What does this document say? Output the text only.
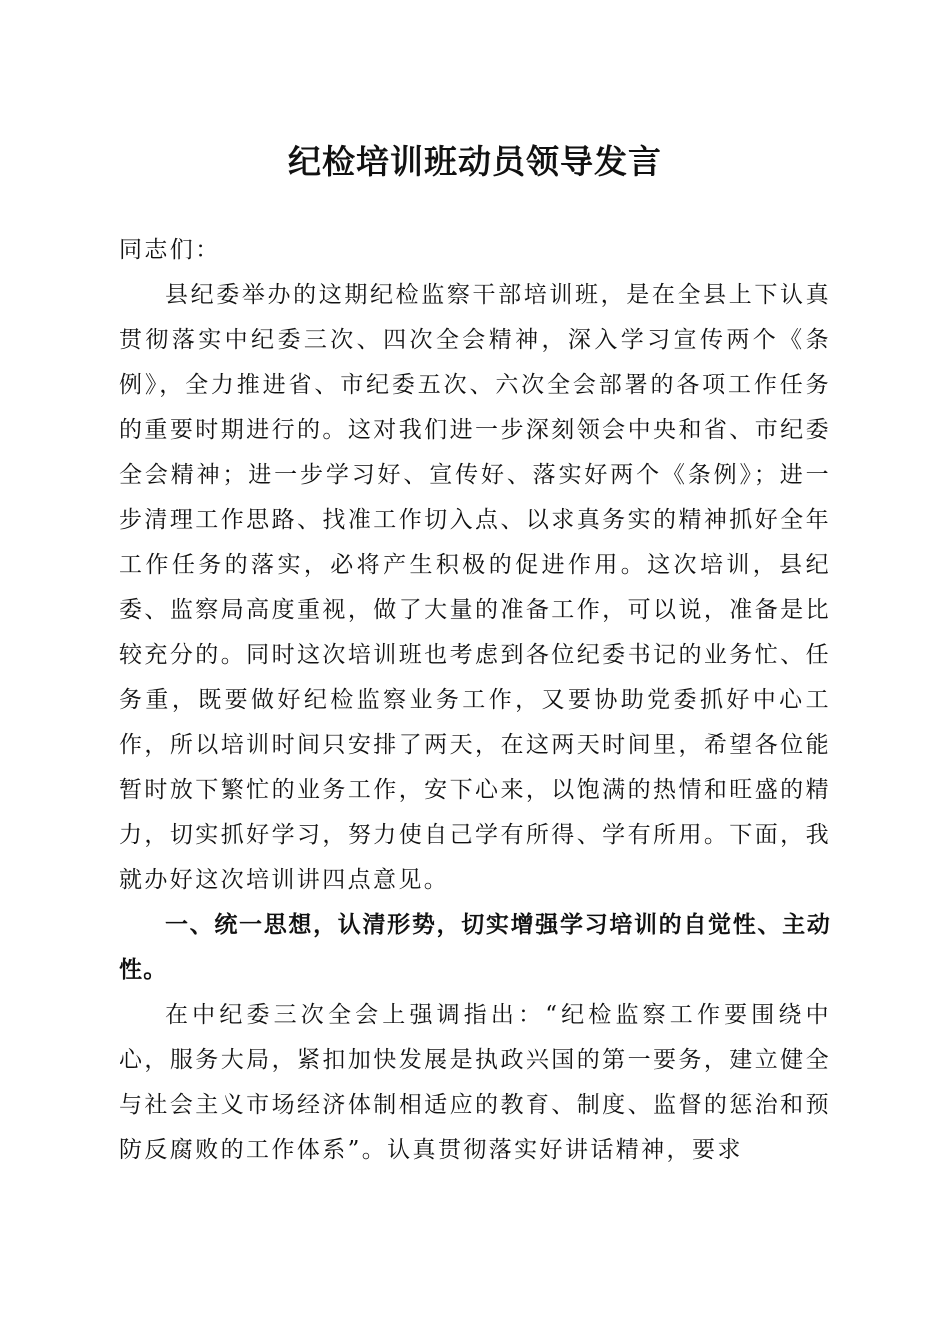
纪检培训班动员领导发言

同志们：

县纪委举办的这期纪检监察干部培训班，是在全县上下认真贯彻落实中纪委三次、四次全会精神，深入学习宣传两个《条例》，全力推进省、市纪委五次、六次全会部署的各项工作任务的重要时期进行的。这对我们进一步深刻领会中央和省、市纪委全会精神；进一步学习好、宣传好、落实好两个《条例》；进一步清理工作思路、找准工作切入点、以求真务实的精神抓好全年工作任务的落实，必将产生积极的促进作用。这次培训，县纪委、监察局高度重视，做了大量的准备工作，可以说，准备是比较充分的。同时这次培训班也考虑到各位纪委书记的业务忙、任务重，既要做好纪检监察业务工作，又要协助党委抓好中心工作，所以培训时间只安排了两天，在这两天时间里，希望各位能暂时放下繁忙的业务工作，安下心来，以饱满的热情和旺盛的精力，切实抓好学习，努力使自己学有所得、学有所用。下面，我就办好这次培训讲四点意见。

一、统一思想，认清形势，切实增强学习培训的自觉性、主动性。

在中纪委三次全会上强调指出：“纪检监察工作要围绕中心，服务大局，紧扣加快发展是执政兴国的第一要务，建立健全与社会主义市场经济体制相适应的教育、制度、监督的惩治和预防反腐败的工作体系”。认真贯彻落实好讲话精神，要求
